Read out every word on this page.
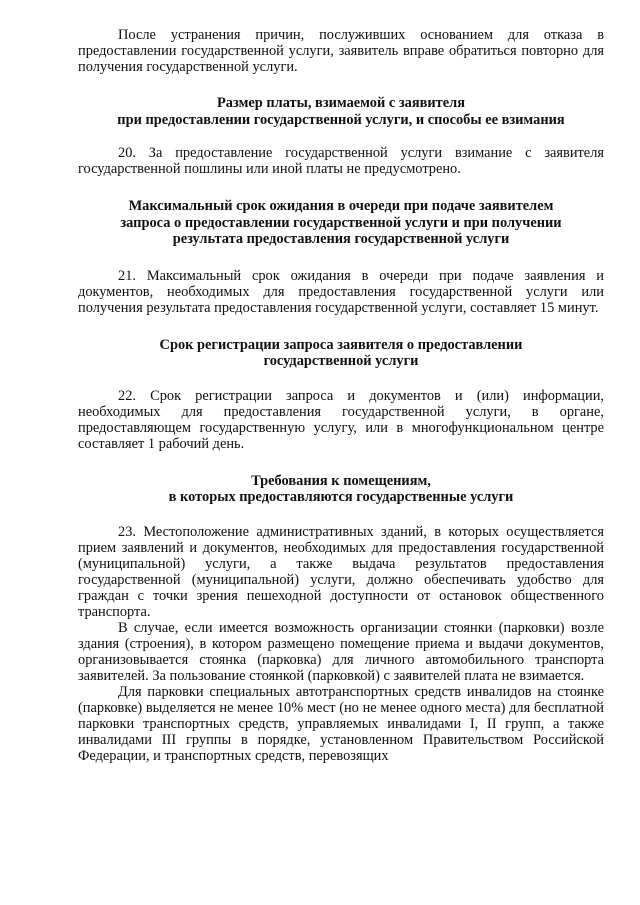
После устранения причин, послуживших основанием для отказа в предоставлении государственной услуги, заявитель вправе обратиться повторно для получения государственной услуги.

Размер платы, взимаемой с заявителя
при предоставлении государственной услуги, и способы ее взимания

20. За предоставление государственной услуги взимание с заявителя государственной пошлины или иной платы не предусмотрено.

Максимальный срок ожидания в очереди при подаче заявителем
запроса о предоставлении государственной услуги и при получении
результата предоставления государственной услуги

21. Максимальный срок ожидания в очереди при подаче заявления и документов, необходимых для предоставления государственной услуги или получения результата предоставления государственной услуги, составляет 15 минут.

Срок регистрации запроса заявителя о предоставлении
государственной услуги

22. Срок регистрации запроса и документов и (или) информации, необходимых для предоставления государственной услуги, в органе, предоставляющем государственную услугу, или в многофункциональном центре составляет 1 рабочий день.

Требования к помещениям,
в которых предоставляются государственные услуги

23. Местоположение административных зданий, в которых осуществляется прием заявлений и документов, необходимых для предоставления государственной (муниципальной) услуги, а также выдача результатов предоставления государственной (муниципальной) услуги, должно обеспечивать удобство для граждан с точки зрения пешеходной доступности от остановок общественного транспорта.

В случае, если имеется возможность организации стоянки (парковки) возле здания (строения), в котором размещено помещение приема и выдачи документов, организовывается стоянка (парковка) для личного автомобильного транспорта заявителей. За пользование стоянкой (парковкой) с заявителей плата не взимается.

Для парковки специальных автотранспортных средств инвалидов на стоянке (парковке) выделяется не менее 10% мест (но не менее одного места) для бесплатной парковки транспортных средств, управляемых инвалидами I, II групп, а также инвалидами III группы в порядке, установленном Правительством Российской Федерации, и транспортных средств, перевозящих
